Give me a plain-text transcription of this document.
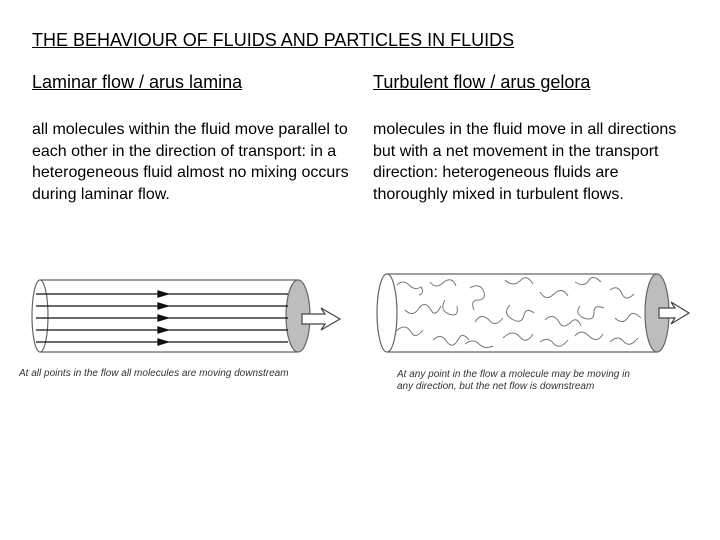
THE BEHAVIOUR OF FLUIDS AND PARTICLES IN FLUIDS
Laminar flow / arus lamina	Turbulent flow / arus gelora
all molecules within the fluid move parallel to each other in the direction of transport: in a heterogeneous fluid almost no mixing occurs during laminar flow.
molecules in the fluid move in all directions but with a net movement in the transport direction: heterogeneous fluids are thoroughly mixed in turbulent flows.
At all points in the flow all molecules are moving downstream	At any point in the flow a molecule may be moving in
any direction, but the net flow is downstream
